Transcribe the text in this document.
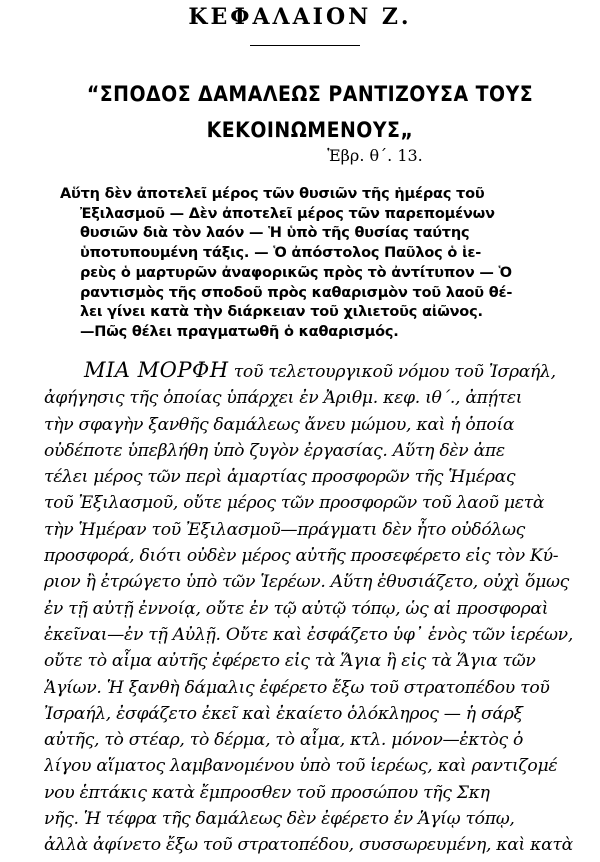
ΚΕΦΑΛΑΙΟΝ Ζ.
“ΣΠΟΔΟΣ ΔΑΜΑΛΕΩΣ ΡΑΝΤΙΖΟΥΣΑ ΤΟΥΣ
ΚΕΚΟΙΝΩΜΕΝΟΥΣ„
Ἑβρ. θ΄. 13.
Αὕτη δὲν ἀποτελεῖ μέρος τῶν θυσιῶν τῆς ἡμέρας τοῦ
Ἐξιλασμοῦ — Δὲν ἀποτελεῖ μέρος τῶν παρεπομένων
θυσιῶν διὰ τὸν λαόν — Ἡ ὑπὸ τῆς θυσίας ταύτης
ὑποτυπουμένη τάξις. — Ὁ ἀπόστολος Παῦλος ὁ ἱε-
ρεὺς ὁ μαρτυρῶν ἀναφορικῶς πρὸς τὸ ἀντίτυπον — Ὁ
ραντισμὸς τῆς σποδοῦ πρὸς καθαρισμὸν τοῦ λαοῦ θέ-
λει γίνει κατὰ τὴν διάρκειαν τοῦ χιλιετοῦς αἰῶνος.
—Πῶς θέλει πραγματωθῆ ὁ καθαρισμός.
ΜΙΑ ΜΟΡΦΗ τοῦ τελετουργικοῦ νόμου τοῦ Ἰσραήλ,
ἀφήγησις τῆς ὁποίας ὑπάρχει ἐν Ἀριθμ. κεφ. ιθ΄., ἀπῄτει
τὴν σφαγὴν ξανθῆς δαμάλεως ἄνευ μώμου, καὶ ἡ ὁποία
οὐδέποτε ὑπεβλήθη ὑπὸ ζυγὸν ἐργασίας. Αὕτη δὲν ἀπε
τέλει μέρος τῶν περὶ ἁμαρτίας προσφορῶν τῆς Ἡμέρας
τοῦ Ἐξιλασμοῦ, οὔτε μέρος τῶν προσφορῶν τοῦ λαοῦ μετὰ
τὴν Ἡμέραν τοῦ Ἐξιλασμοῦ—πράγματι δὲν ἦτο οὐδόλως
προσφορά, διότι οὐδὲν μέρος αὐτῆς προσεφέρετο εἰς τὸν Κύ-
ριον ἢ ἐτρώγετο ὑπὸ τῶν Ἱερέων. Αὕτη ἐθυσιάζετο, οὐχὶ ὅμως
ἐν τῇ αὐτῇ ἐννοίᾳ, οὔτε ἐν τῷ αὐτῷ τόπῳ, ὡς αἱ προσφοραὶ
ἐκεῖναι—ἐν τῇ Αὐλῇ. Οὔτε καὶ ἐσφάζετο ὑφ᾽ ἑνὸς τῶν ἱερέων,
οὔτε τὸ αἷμα αὐτῆς ἐφέρετο εἰς τὰ Ἅγια ἢ εἰς τὰ Ἅγια τῶν
Ἁγίων. Ἡ ξανθὴ δάμαλις ἐφέρετο ἔξω τοῦ στρατοπέδου τοῦ
Ἰσραήλ, ἐσφάζετο ἐκεῖ καὶ ἐκαίετο ὁλόκληρος — ἡ σάρξ
αὐτῆς, τὸ στέαρ, τὸ δέρμα, τὸ αἷμα, κτλ. μόνον—ἐκτὸς ὀ
λίγου αἵματος λαμβανομένου ὑπὸ τοῦ ἱερέως, καὶ ραντιζομέ
νου ἑπτάκις κατὰ ἔμπροσθεν τοῦ προσώπου τῆς Σκη
νῆς. Ἡ τέφρα τῆς δαμάλεως δὲν ἐφέρετο ἐν Ἁγίῳ τόπῳ,
ἀλλὰ ἀφίνετο ἔξω τοῦ στρατοπέδου, συσσωρευμένη, καὶ κατὰ
